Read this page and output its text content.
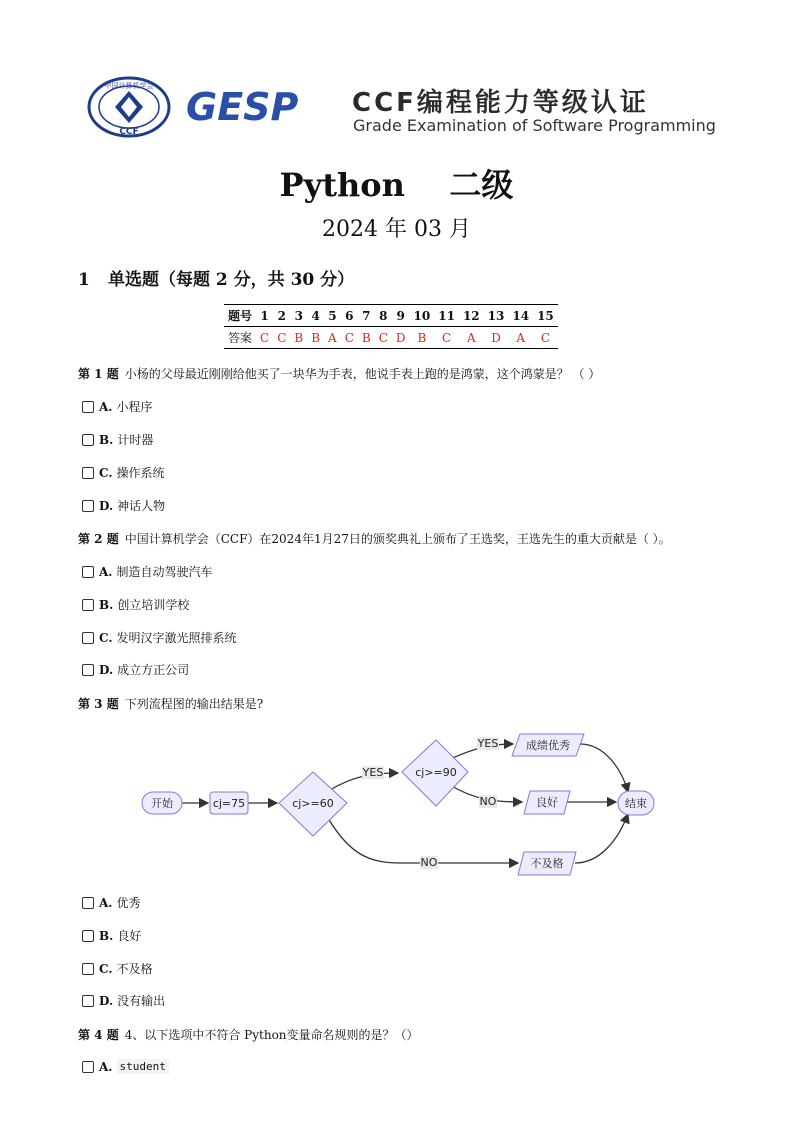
中国计算机学会
CCF
GESP CCF编程能力等级认证
Grade Examination of Software Programming
Python    二级
2024 年 03 月
1 单选题（每题 2 分，共 30 分）
题号	1	2	3	4	5	6	7	8	9	10	11	12	13	14	15
答案	C	C	B	B	A	C	B	C	D	B	C	A	D	A	C
第 1 题 小杨的父母最近刚刚给他买了一块华为手表，他说手表上跑的是鸿蒙，这个鸿蒙是？ （ ）
A. 小程序
B. 计时器
C. 操作系统
D. 神话人物
第 2 题 中国计算机学会（CCF）在2024年1月27日的颁奖典礼上颁布了王选奖，王选先生的重大贡献是（ ）。
A. 制造自动驾驶汽车
B. 创立培训学校
C. 发明汉字激光照排系统
D. 成立方正公司
第 3 题 下列流程图的输出结果是?
开始	cj=75	cj>=60
cj>=90
成绩优秀
良好
不及格
结束
YES
YES
NO
NO
A. 优秀
B. 良好
C. 不及格
D. 没有输出
第 4 题 4、以下选项中不符合 Python变量命名规则的是？（）
A. student
